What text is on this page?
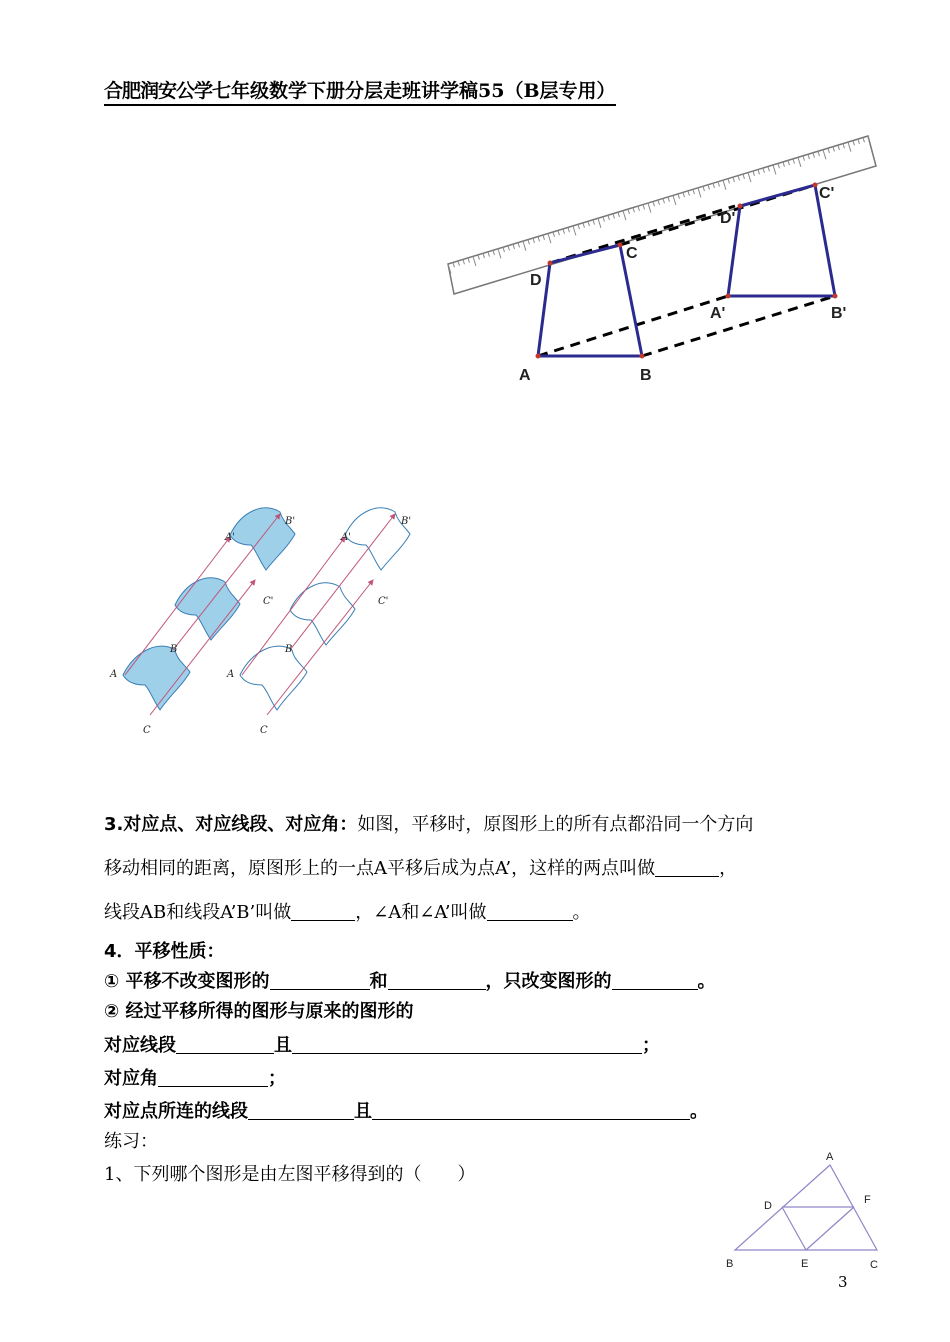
合肥润安公学七年级数学下册分层走班讲学稿55（B层专用）
A	B
C
D
A'	B'
C'
D'
A
B
C
A'
B'
C'
A
B
C
A'
B'
C'
3.对应点、对应线段、对应角：如图，平移时，原图形上的所有点都沿同一个方向
移动相同的距离，原图形上的一点A平移后成为点A’，这样的两点叫做	，
线段AB和线段A’B’叫做	，∠A和∠A’叫做	。
4．平移性质：
① 平移不改变图形的	和	，只改变图形的	。
② 经过平移所得的图形与原来的图形的
对应线段	且	；
对应角	；
对应点所连的线段	且	。
练习：
1、下列哪个图形是由左图平移得到的（　　）
A
B	C
D
E
F
3
